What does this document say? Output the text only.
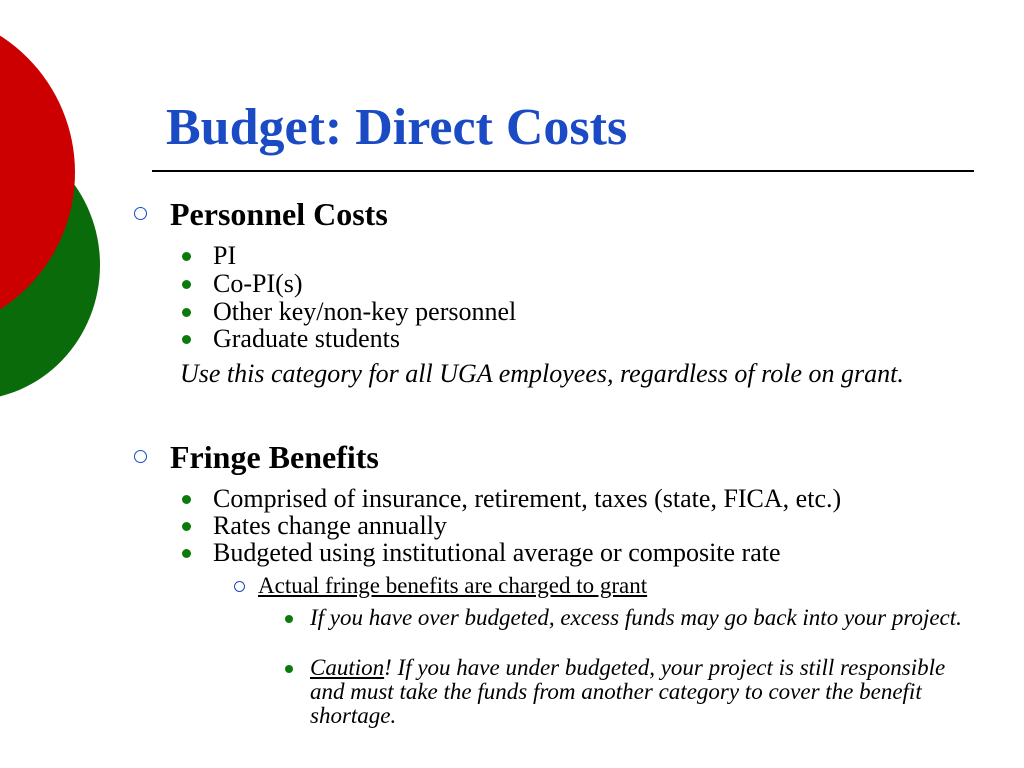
Budget: Direct Costs
Personnel Costs
PI
Co-PI(s)
Other key/non-key personnel
Graduate students

Use this category for all UGA employees, regardless of role on grant.

Fringe Benefits
Comprised of insurance, retirement, taxes (state, FICA, etc.)
Rates change annually
Budgeted using institutional average or composite rate
Actual fringe benefits are charged to grant
If you have over budgeted, excess funds may go back into your project.
Caution! If you have under budgeted, your project is still responsible and must take the funds from another category to cover the benefit shortage.
